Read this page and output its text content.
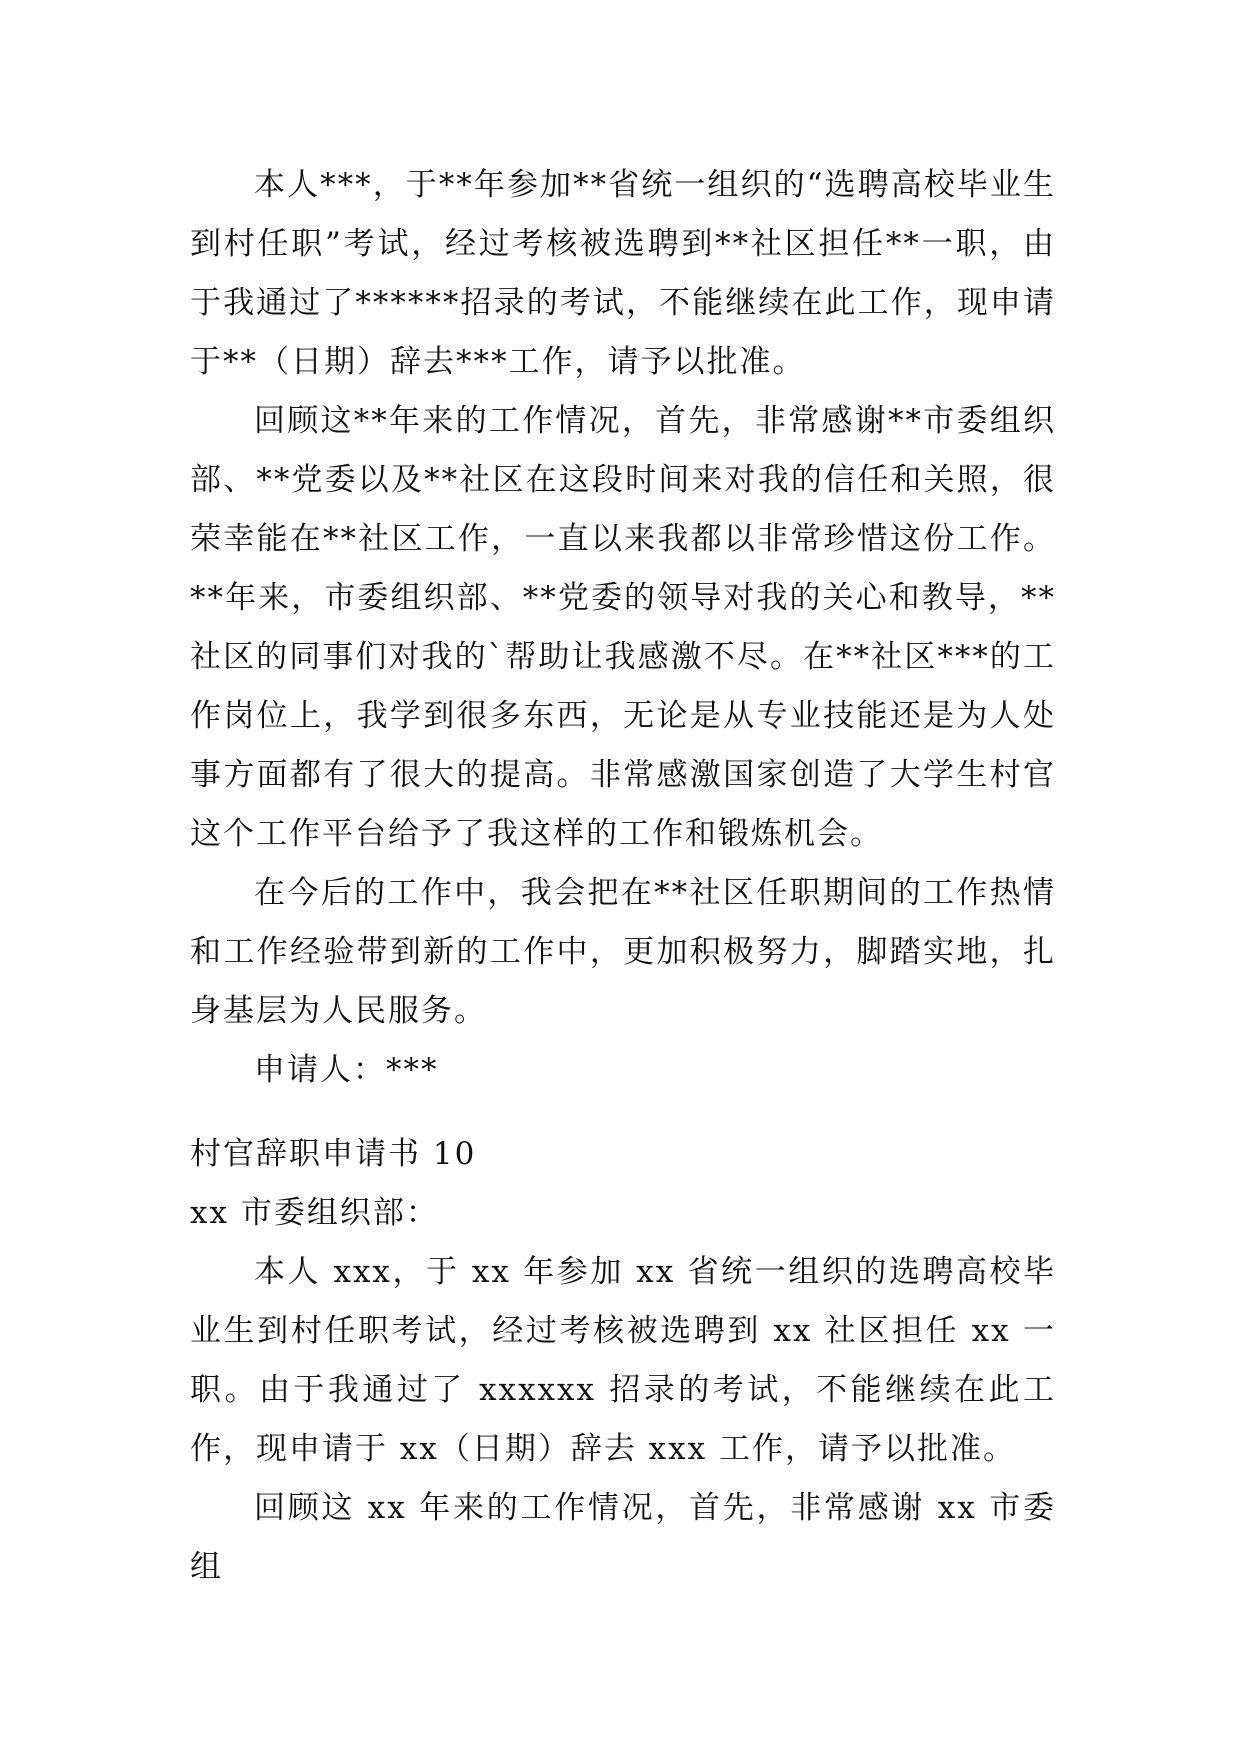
本人***，于**年参加**省统一组织的“选聘高校毕业生到村任职”考试，经过考核被选聘到**社区担任**一职，由于我通过了******招录的考试，不能继续在此工作，现申请于**（日期）辞去***工作，请予以批准。

回顾这**年来的工作情况，首先，非常感谢**市委组织部、**党委以及**社区在这段时间来对我的信任和关照，很荣幸能在**社区工作，一直以来我都以非常珍惜这份工作。**年来，市委组织部、**党委的领导对我的关心和教导，**社区的同事们对我的`帮助让我感激不尽。在**社区***的工作岗位上，我学到很多东西，无论是从专业技能还是为人处事方面都有了很大的提高。非常感激国家创造了大学生村官这个工作平台给予了我这样的工作和锻炼机会。

在今后的工作中，我会把在**社区任职期间的工作热情和工作经验带到新的工作中，更加积极努力，脚踏实地，扎身基层为人民服务。

申请人：***

村官辞职申请书 10

xx 市委组织部：

本人 xxx，于 xx 年参加 xx 省统一组织的选聘高校毕业生到村任职考试，经过考核被选聘到 xx 社区担任 xx 一职。由于我通过了 xxxxxx 招录的考试，不能继续在此工作，现申请于 xx（日期）辞去 xxx 工作，请予以批准。

回顾这 xx 年来的工作情况，首先，非常感谢 xx 市委组
